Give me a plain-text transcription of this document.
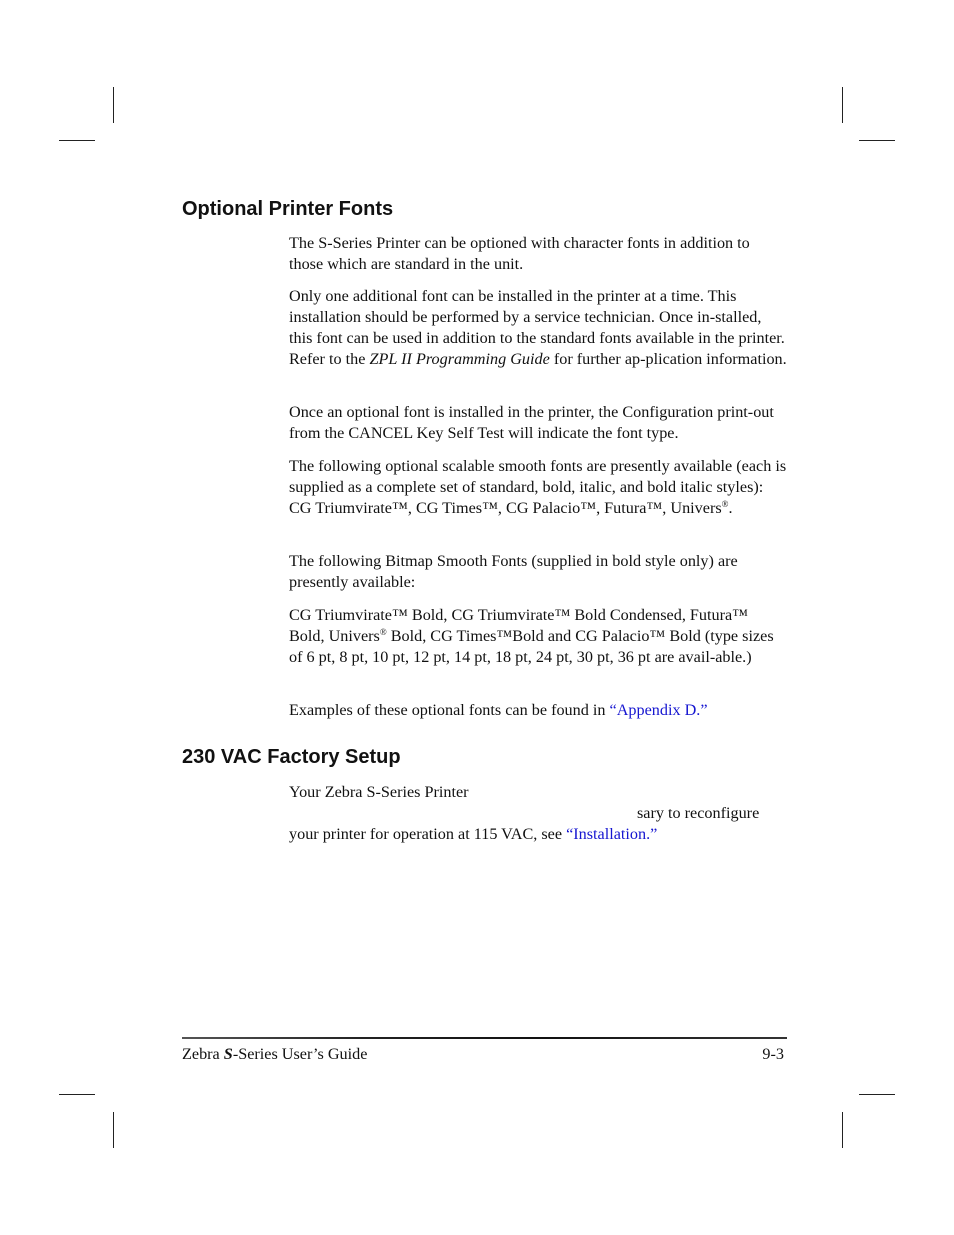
Optional Printer Fonts

The S-Series Printer can be optioned with character fonts in addition to those which are standard in the unit.

Only one additional font can be installed in the printer at a time. This installation should be performed by a service technician. Once in-stalled, this font can be used in addition to the standard fonts available in the printer. Refer to the ZPL II Programming Guide for further ap-plication information.

Once an optional font is installed in the printer, the Configuration print-out from the CANCEL Key Self Test will indicate the font type.

The following optional scalable smooth fonts are presently available (each is supplied as a complete set of standard, bold, italic, and bold italic styles): CG Triumvirate™, CG Times™, CG Palacio™, Futura™, Univers®.

The following Bitmap Smooth Fonts (supplied in bold style only) are presently available:

CG Triumvirate™ Bold, CG Triumvirate™ Bold Condensed, Futura™ Bold, Univers® Bold, CG Times™Bold and CG Palacio™ Bold (type sizes of 6 pt, 8 pt, 10 pt, 12 pt, 14 pt, 18 pt, 24 pt, 30 pt, 36 pt are avail-able.)

Examples of these optional fonts can be found in “Appendix D.”

230 VAC Factory Setup

Your Zebra S-Series Printer
sary to reconfigure
your printer for operation at 115 VAC, see “Installation.”

Zebra S-Series User’s Guide	9-3
